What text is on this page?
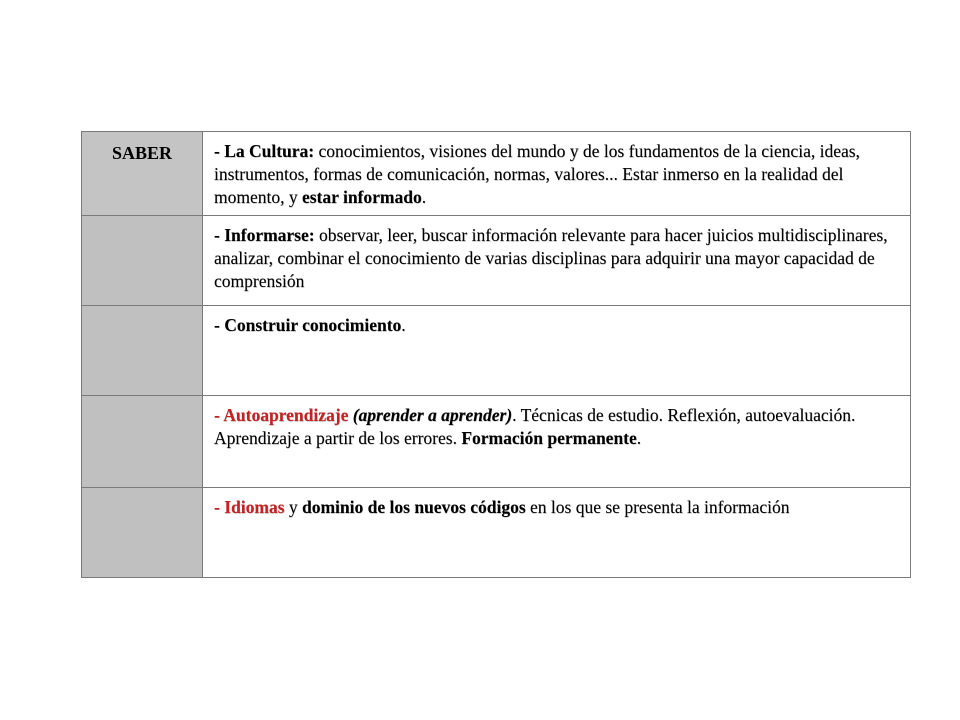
SABER	- La Cultura: conocimientos, visiones del mundo y de los fundamentos de la ciencia, ideas, instrumentos, formas de comunicación, normas, valores... Estar inmerso en la realidad del momento, y estar informado.
	- Informarse: observar, leer, buscar información relevante para hacer juicios multidisciplinares, analizar, combinar el conocimiento de varias disciplinas para adquirir una mayor capacidad de comprensión
	- Construir conocimiento.
	- Autoaprendizaje (aprender a aprender). Técnicas de estudio. Reflexión, autoevaluación. Aprendizaje a partir de los errores. Formación permanente.
	- Idiomas y dominio de los nuevos códigos en los que se presenta la información
